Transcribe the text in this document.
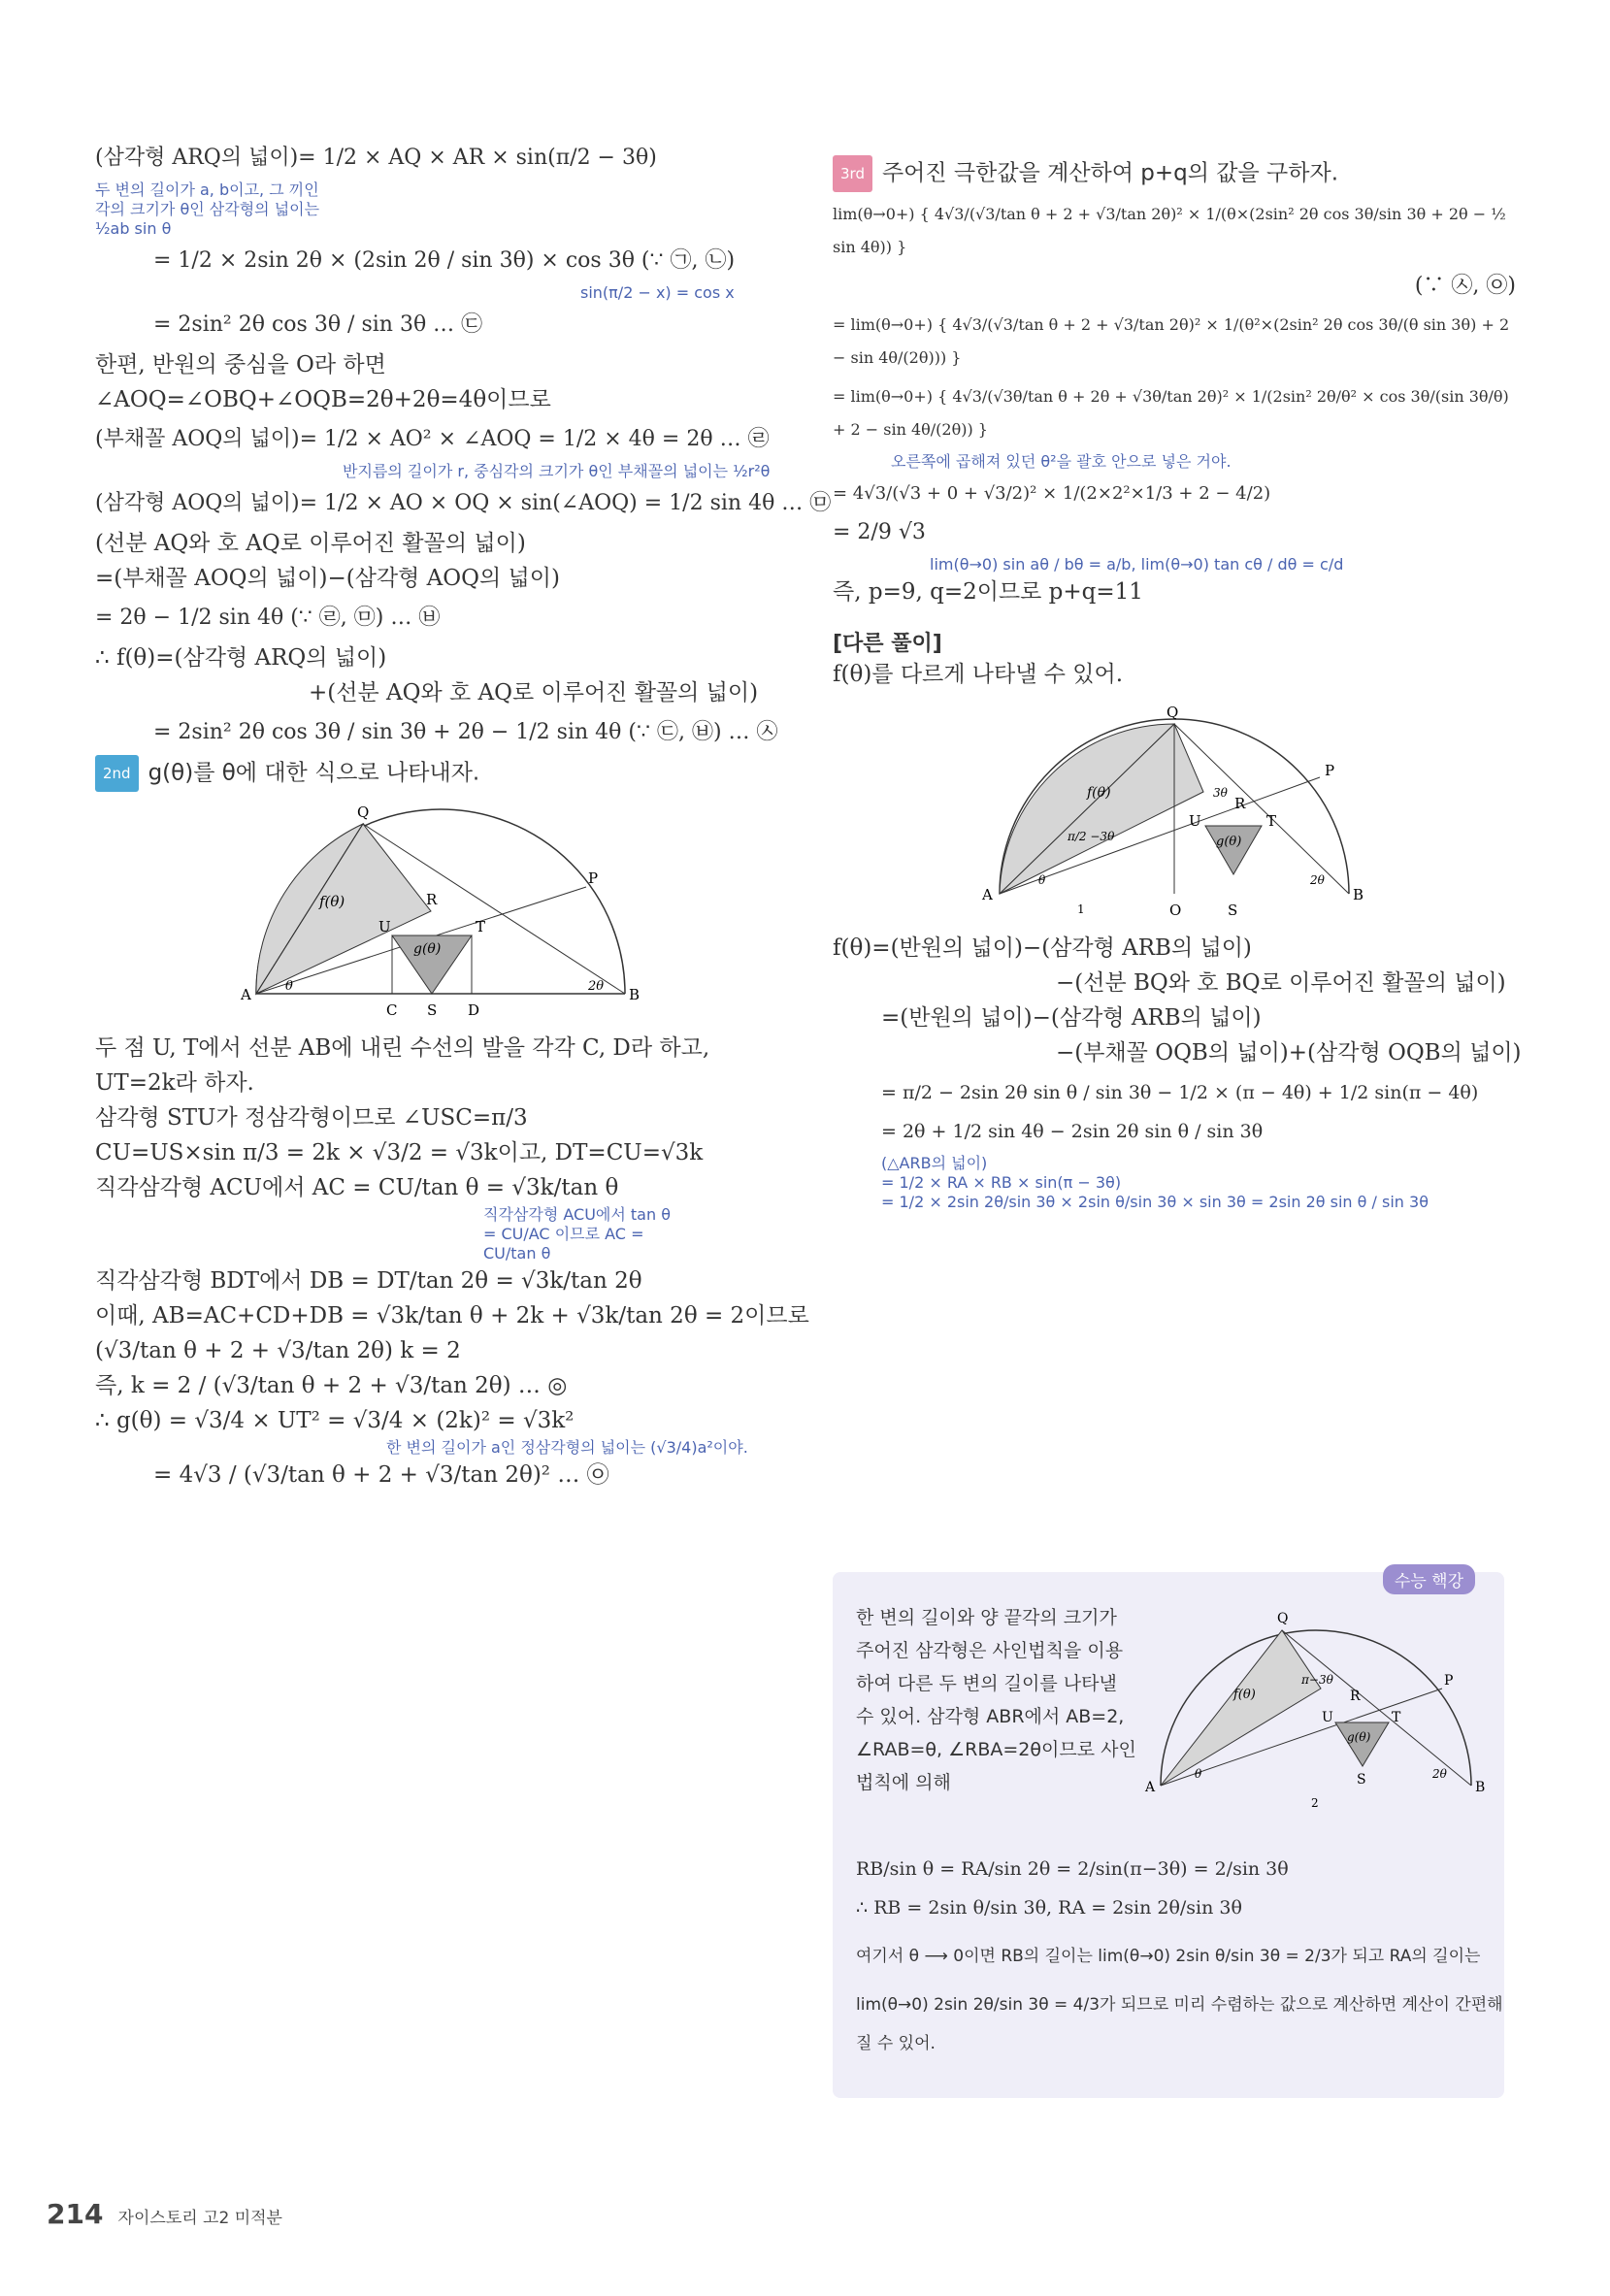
(삼각형 ARQ의 넓이)= 1/2 × AQ × AR × sin(π/2 − 3θ)
두 변의 길이가 a, b이고, 그 끼인각의 크기가 θ인 삼각형의 넓이는 ½ab sin θ
= 1/2 × 2sin 2θ × (2sin 2θ / sin 3θ) × cos 3θ (∵ ㉠, ㉡)
sin(π/2 − x) = cos x
= 2sin² 2θ cos 3θ / sin 3θ … ㉢
한편, 반원의 중심을 O라 하면
∠AOQ=∠OBQ+∠OQB=2θ+2θ=4θ이므로
(부채꼴 AOQ의 넓이)= 1/2 × AO² × ∠AOQ = 1/2 × 4θ = 2θ … ㉣
반지름의 길이가 r, 중심각의 크기가 θ인 부채꼴의 넓이는 ½r²θ
(삼각형 AOQ의 넓이)= 1/2 × AO × OQ × sin(∠AOQ) = 1/2 sin 4θ … ㉤
(선분 AQ와 호 AQ로 이루어진 활꼴의 넓이)
=(부채꼴 AOQ의 넓이)−(삼각형 AOQ의 넓이)
= 2θ − 1/2 sin 4θ (∵ ㉣, ㉤) … ㉥
∴ f(θ)=(삼각형 ARQ의 넓이)
+(선분 AQ와 호 AQ로 이루어진 활꼴의 넓이)
= 2sin² 2θ cos 3θ / sin 3θ + 2θ − 1/2 sin 4θ (∵ ㉢, ㉥) … ㉦
2nd g(θ)를 θ에 대한 식으로 나타내자.
f(θ)
g(θ)
Q
R
P
U	T
A	B
C S D
θ	2θ
두 점 U, T에서 선분 AB에 내린 수선의 발을 각각 C, D라 하고,
UT=2k라 하자.
삼각형 STU가 정삼각형이므로 ∠USC=π/3
CU=US×sin π/3 = 2k × √3/2 = √3k이고, DT=CU=√3k
직각삼각형 ACU에서 AC = CU/tan θ = √3k/tan θ
직각삼각형 ACU에서 tan θ = CU/AC 이므로 AC = CU/tan θ
직각삼각형 BDT에서 DB = DT/tan 2θ = √3k/tan 2θ
이때, AB=AC+CD+DB = √3k/tan θ + 2k + √3k/tan 2θ = 2이므로
(√3/tan θ + 2 + √3/tan 2θ) k = 2
즉, k = 2 / (√3/tan θ + 2 + √3/tan 2θ) … ◎
∴ g(θ) = √3/4 × UT² = √3/4 × (2k)² = √3k²
한 변의 길이가 a인 정삼각형의 넓이는 (√3/4)a²이야.
= 4√3 / (√3/tan θ + 2 + √3/tan 2θ)² … ㉧
3rd 주어진 극한값을 계산하여 p+q의 값을 구하자.
lim(θ→0+) { 4√3/(√3/tan θ + 2 + √3/tan 2θ)² × 1/(θ×(2sin² 2θ cos 3θ/sin 3θ + 2θ − ½ sin 4θ)) }
(∵ ㉦, ㉧)
= lim(θ→0+) { 4√3/(√3/tan θ + 2 + √3/tan 2θ)² × 1/(θ²×(2sin² 2θ cos 3θ/(θ sin 3θ) + 2 − sin 4θ/(2θ))) }
= lim(θ→0+) { 4√3/(√3θ/tan θ + 2θ + √3θ/tan 2θ)² × 1/(2sin² 2θ/θ² × cos 3θ/(sin 3θ/θ) + 2 − sin 4θ/(2θ)) }
오른쪽에 곱해져 있던 θ²을 괄호 안으로 넣은 거야.
= 4√3/(√3 + 0 + √3/2)² × 1/(2×2²×1/3 + 2 − 4/2)
= 2/9 √3
lim(θ→0) sin aθ / bθ = a/b, lim(θ→0) tan cθ / dθ = c/d
즉, p=9, q=2이므로 p+q=11
[다른 풀이]
f(θ)를 다르게 나타낼 수 있어.
Q
R
P
U	T
A	B
O	S
f(θ)
g(θ)
π/2 −3θ
3θ
θ	2θ
1
f(θ)=(반원의 넓이)−(삼각형 ARB의 넓이)
−(선분 BQ와 호 BQ로 이루어진 활꼴의 넓이)
=(반원의 넓이)−(삼각형 ARB의 넓이)
−(부채꼴 OQB의 넓이)+(삼각형 OQB의 넓이)
= π/2 − 2sin 2θ sin θ / sin 3θ − 1/2 × (π − 4θ) + 1/2 sin(π − 4θ)
= 2θ + 1/2 sin 4θ − 2sin 2θ sin θ / sin 3θ
(△ARB의 넓이)
= 1/2 × RA × RB × sin(π − 3θ)
= 1/2 × 2sin 2θ/sin 3θ × 2sin θ/sin 3θ × sin 3θ = 2sin 2θ sin θ / sin 3θ
수능 핵강
한 변의 길이와 양 끝각의 크기가 주어진 삼각형은 사인법칙을 이용하여 다른 두 변의 길이를 나타낼 수 있어. 삼각형 ABR에서 AB=2, ∠RAB=θ, ∠RBA=2θ이므로 사인법칙에 의해
Q
R
P
U	T
A	B
S
f(θ)
g(θ)
π−3θ
θ	2θ
2
RB/sin θ = RA/sin 2θ = 2/sin(π−3θ) = 2/sin 3θ
∴ RB = 2sin θ/sin 3θ, RA = 2sin 2θ/sin 3θ
여기서 θ ⟶ 0이면 RB의 길이는 lim(θ→0) 2sin θ/sin 3θ = 2/3가 되고 RA의 길이는
lim(θ→0) 2sin 2θ/sin 3θ = 4/3가 되므로 미리 수렴하는 값으로 계산하면 계산이 간편해
질 수 있어.
214 자이스토리 고2 미적분
